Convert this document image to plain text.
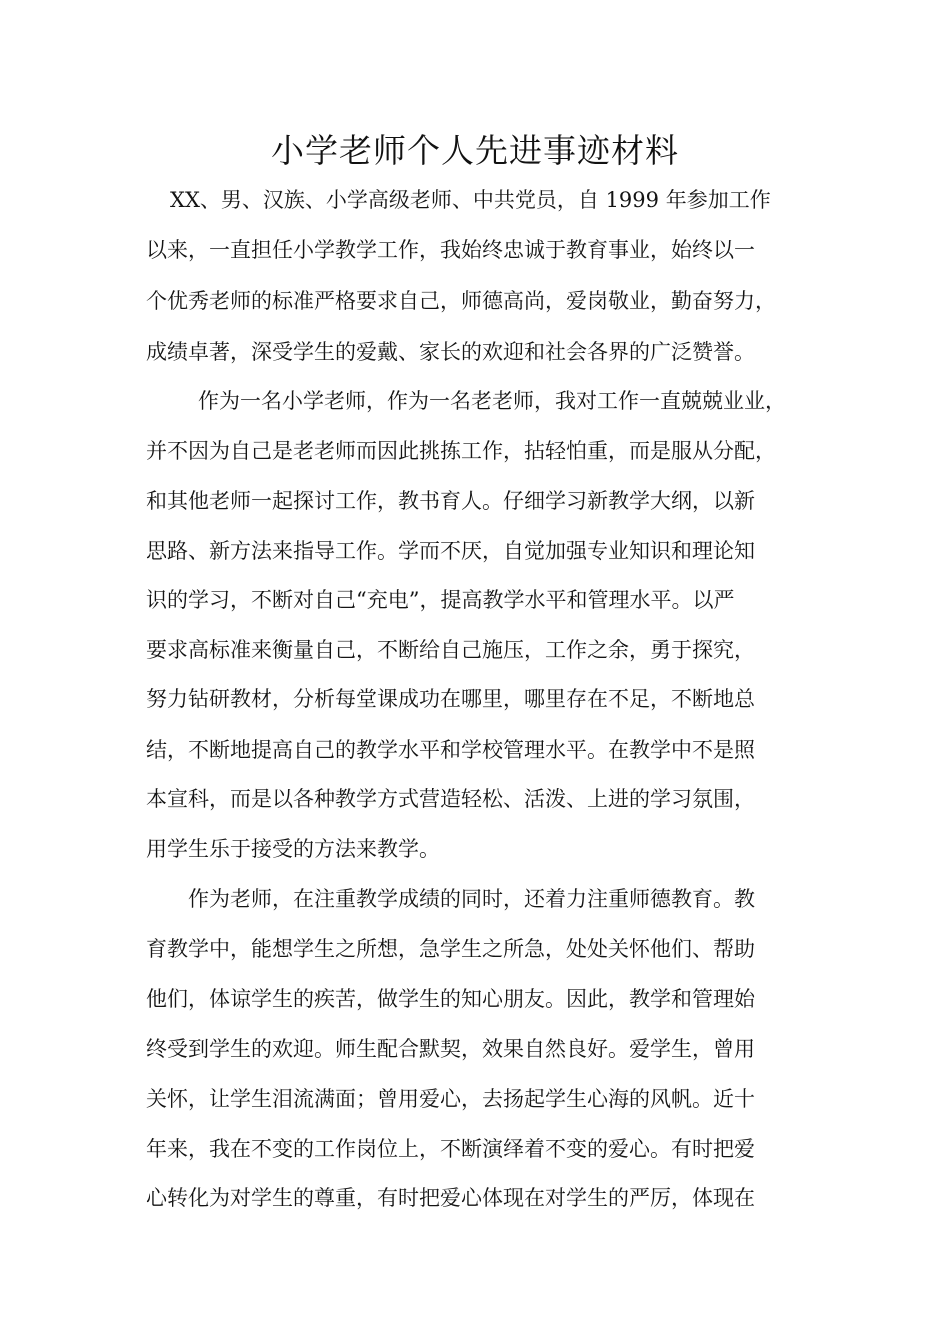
小学老师个人先进事迹材料
XX、男、汉族、小学高级老师、中共党员，自 1999 年参加工作
以来，一直担任小学教学工作，我始终忠诚于教育事业，始终以一
个优秀老师的标准严格要求自己，师德高尚，爱岗敬业，勤奋努力，
成绩卓著，深受学生的爱戴、家长的欢迎和社会各界的广泛赞誉。
作为一名小学老师，作为一名老老师，我对工作一直兢兢业业，
并不因为自己是老老师而因此挑拣工作，拈轻怕重，而是服从分配，
和其他老师一起探讨工作，教书育人。仔细学习新教学大纲，以新
思路、新方法来指导工作。学而不厌，自觉加强专业知识和理论知
识的学习，不断对自己“充电”，提高教学水平和管理水平。以严
要求高标准来衡量自己，不断给自己施压，工作之余，勇于探究，
努力钻研教材，分析每堂课成功在哪里，哪里存在不足，不断地总
结，不断地提高自己的教学水平和学校管理水平。在教学中不是照
本宣科，而是以各种教学方式营造轻松、活泼、上进的学习氛围，
用学生乐于接受的方法来教学。
作为老师，在注重教学成绩的同时，还着力注重师德教育。教
育教学中，能想学生之所想，急学生之所急，处处关怀他们、帮助
他们，体谅学生的疾苦，做学生的知心朋友。因此，教学和管理始
终受到学生的欢迎。师生配合默契，效果自然良好。爱学生，曾用
关怀，让学生泪流满面；曾用爱心，去扬起学生心海的风帆。近十
年来，我在不变的工作岗位上，不断演绎着不变的爱心。有时把爱
心转化为对学生的尊重，有时把爱心体现在对学生的严厉，体现在
